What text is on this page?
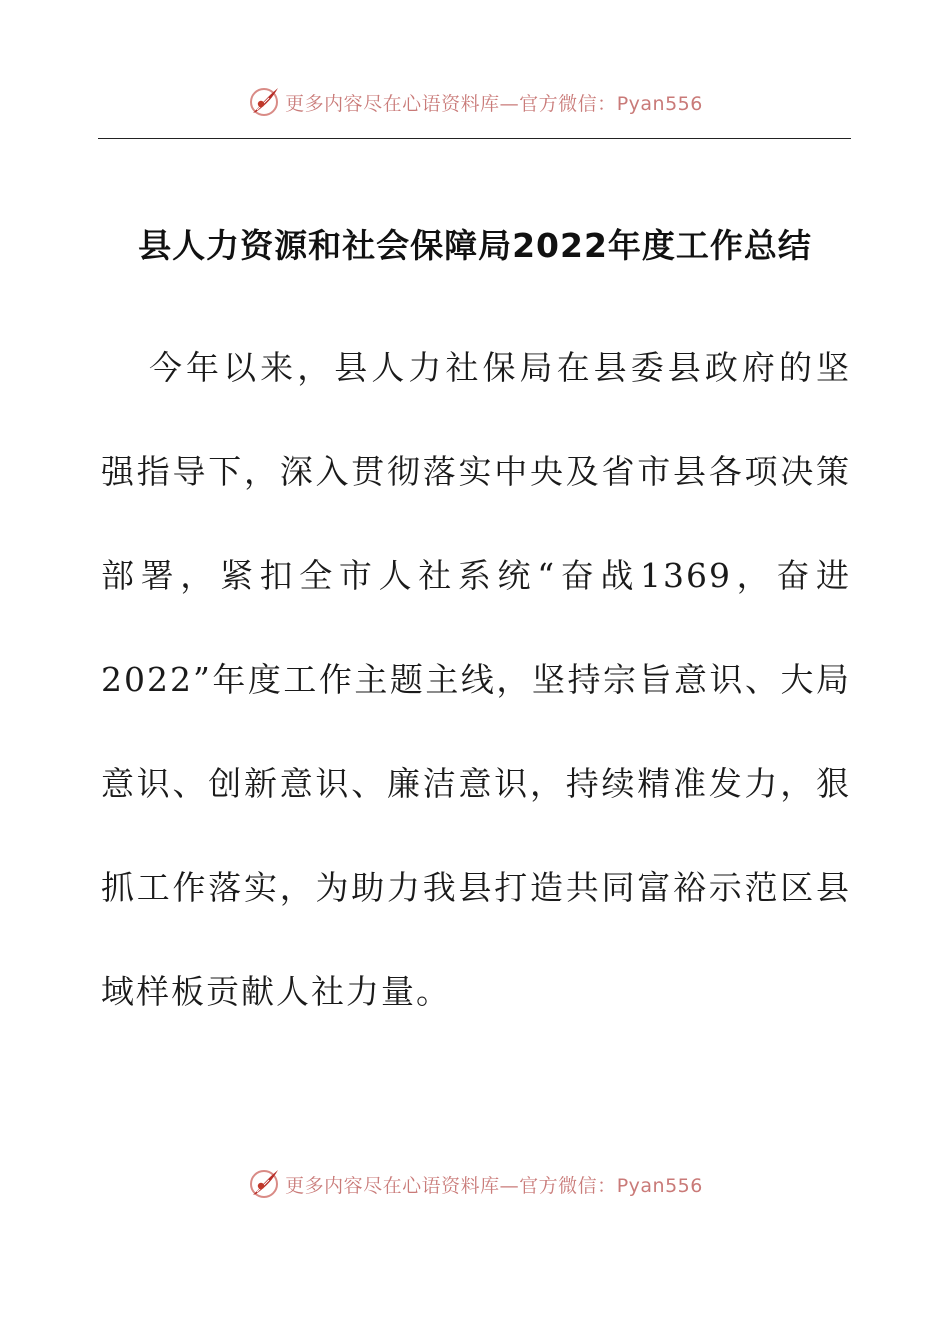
更多内容尽在心语资料库—官方微信：Pyan556
县人力资源和社会保障局2022年度工作总结
今年以来，县人力社保局在县委县政府的坚
强指导下，深入贯彻落实中央及省市县各项决策
部署，紧扣全市人社系统“奋战1369，奋进
2022”年度工作主题主线，坚持宗旨意识、大局
意识、创新意识、廉洁意识，持续精准发力，狠
抓工作落实，为助力我县打造共同富裕示范区县
域样板贡献人社力量。
更多内容尽在心语资料库—官方微信：Pyan556
